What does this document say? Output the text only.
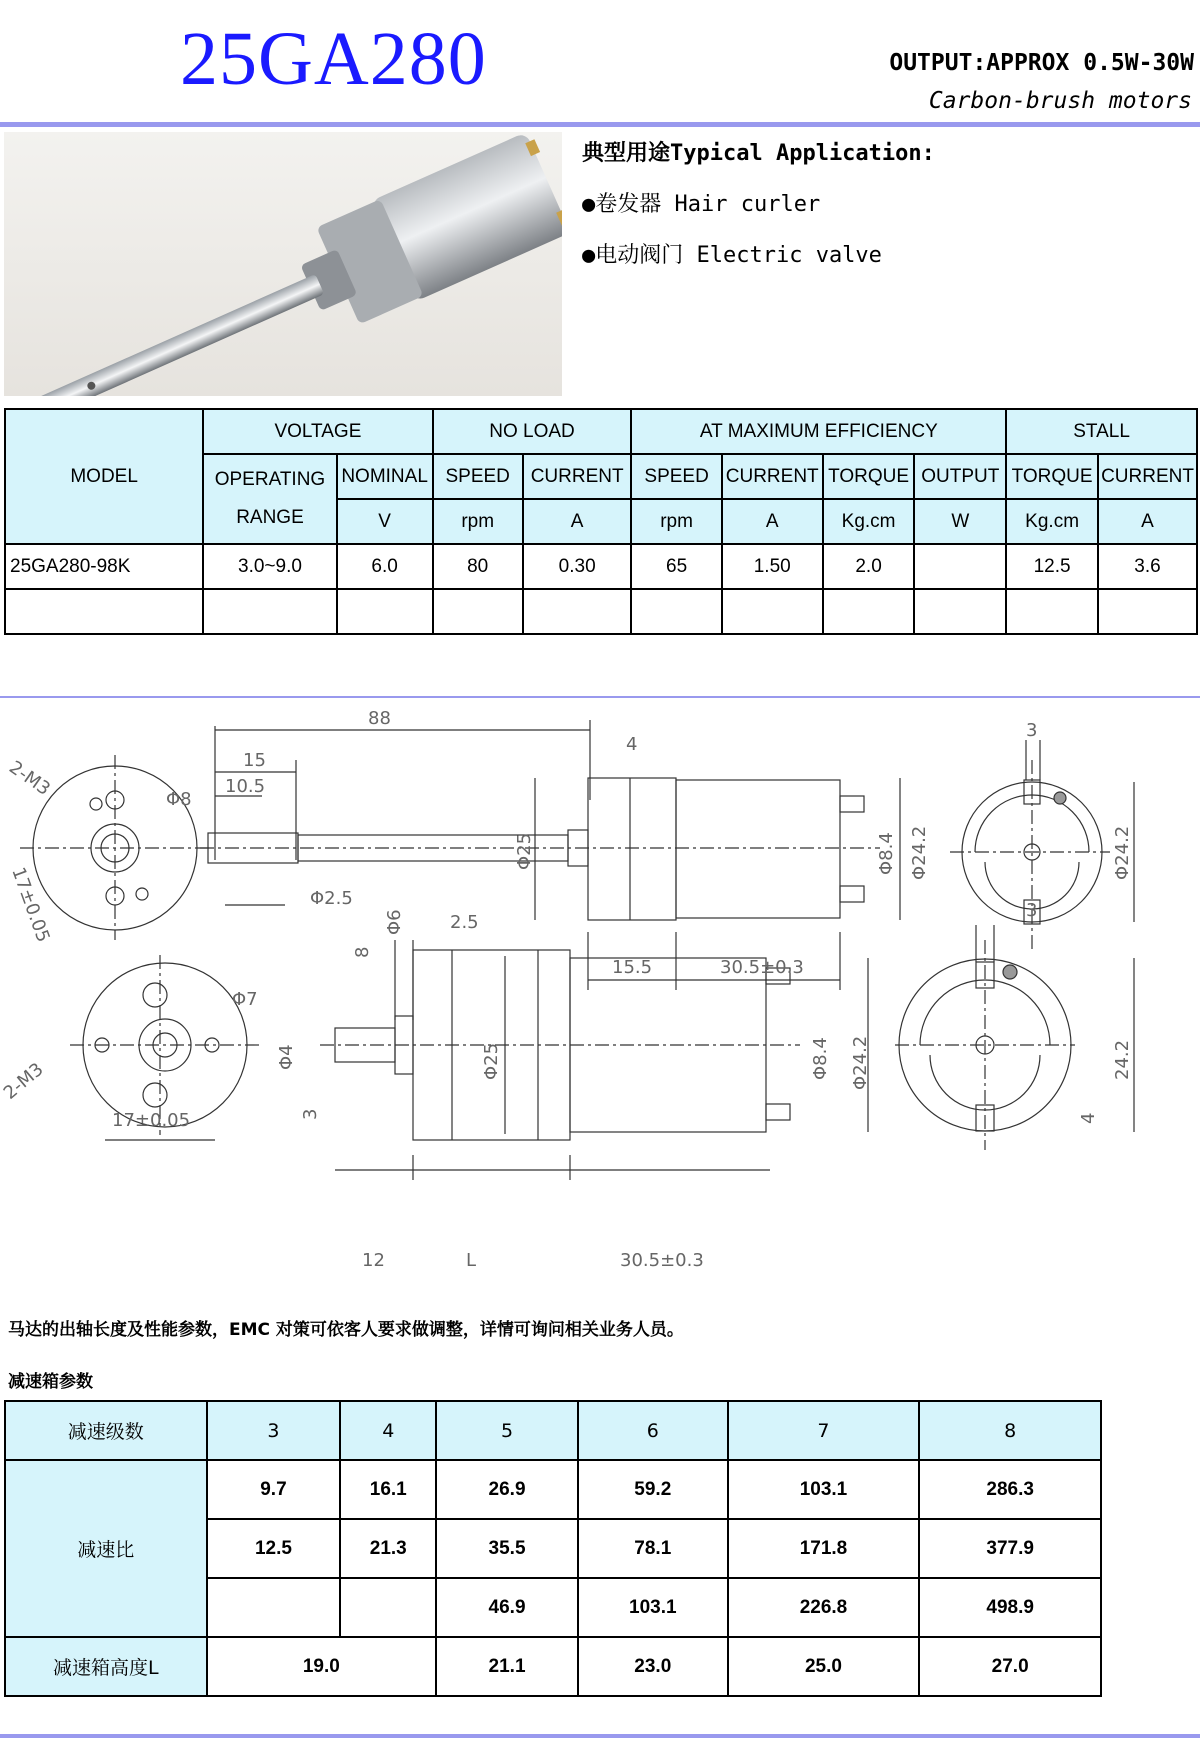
25GA280	OUTPUT:APPROX 0.5W-30W
Carbon-brush motors
典型用途Typical Application:
●卷发器 Hair curler
●电动阀门 Electric valve
MODEL	VOLTAGE		NO LOAD		AT MAXIMUM EFFICIENCY				STALL	
	OPERATING RANGE	NOMINAL	SPEED	CURRENT	SPEED	CURRENT	TORQUE	OUTPUT	TORQUE	CURRENT
		V	rpm	A	rpm	A	Kg.cm	W	Kg.cm	A
25GA280-98K	3.0~9.0	6.0	80	0.30	65	1.50	2.0		12.5	3.6

88
15
10.5
4
2-M3	Φ8
17±0.05	Φ2.5
Φ6
Φ25	Φ8.4 Φ24.2
15.5	30.5±0.3
3
Φ24.2
2.5
8
Φ7
2-M3
Φ4
3
Φ25	Φ8.4 Φ24.2
17±0.05
12	L	30.5±0.3
3
24.2
4
马达的出轴长度及性能参数，EMC 对策可依客人要求做调整，详情可询问相关业务人员。
减速箱参数
减速级数	3	4	5	6	7	8
减速比	9.7	16.1	26.9	59.2	103.1	286.3
	12.5	21.3	35.5	78.1	171.8	377.9
			46.9	103.1	226.8	498.9
减速箱高度L	19.0		21.1	23.0	25.0	27.0
